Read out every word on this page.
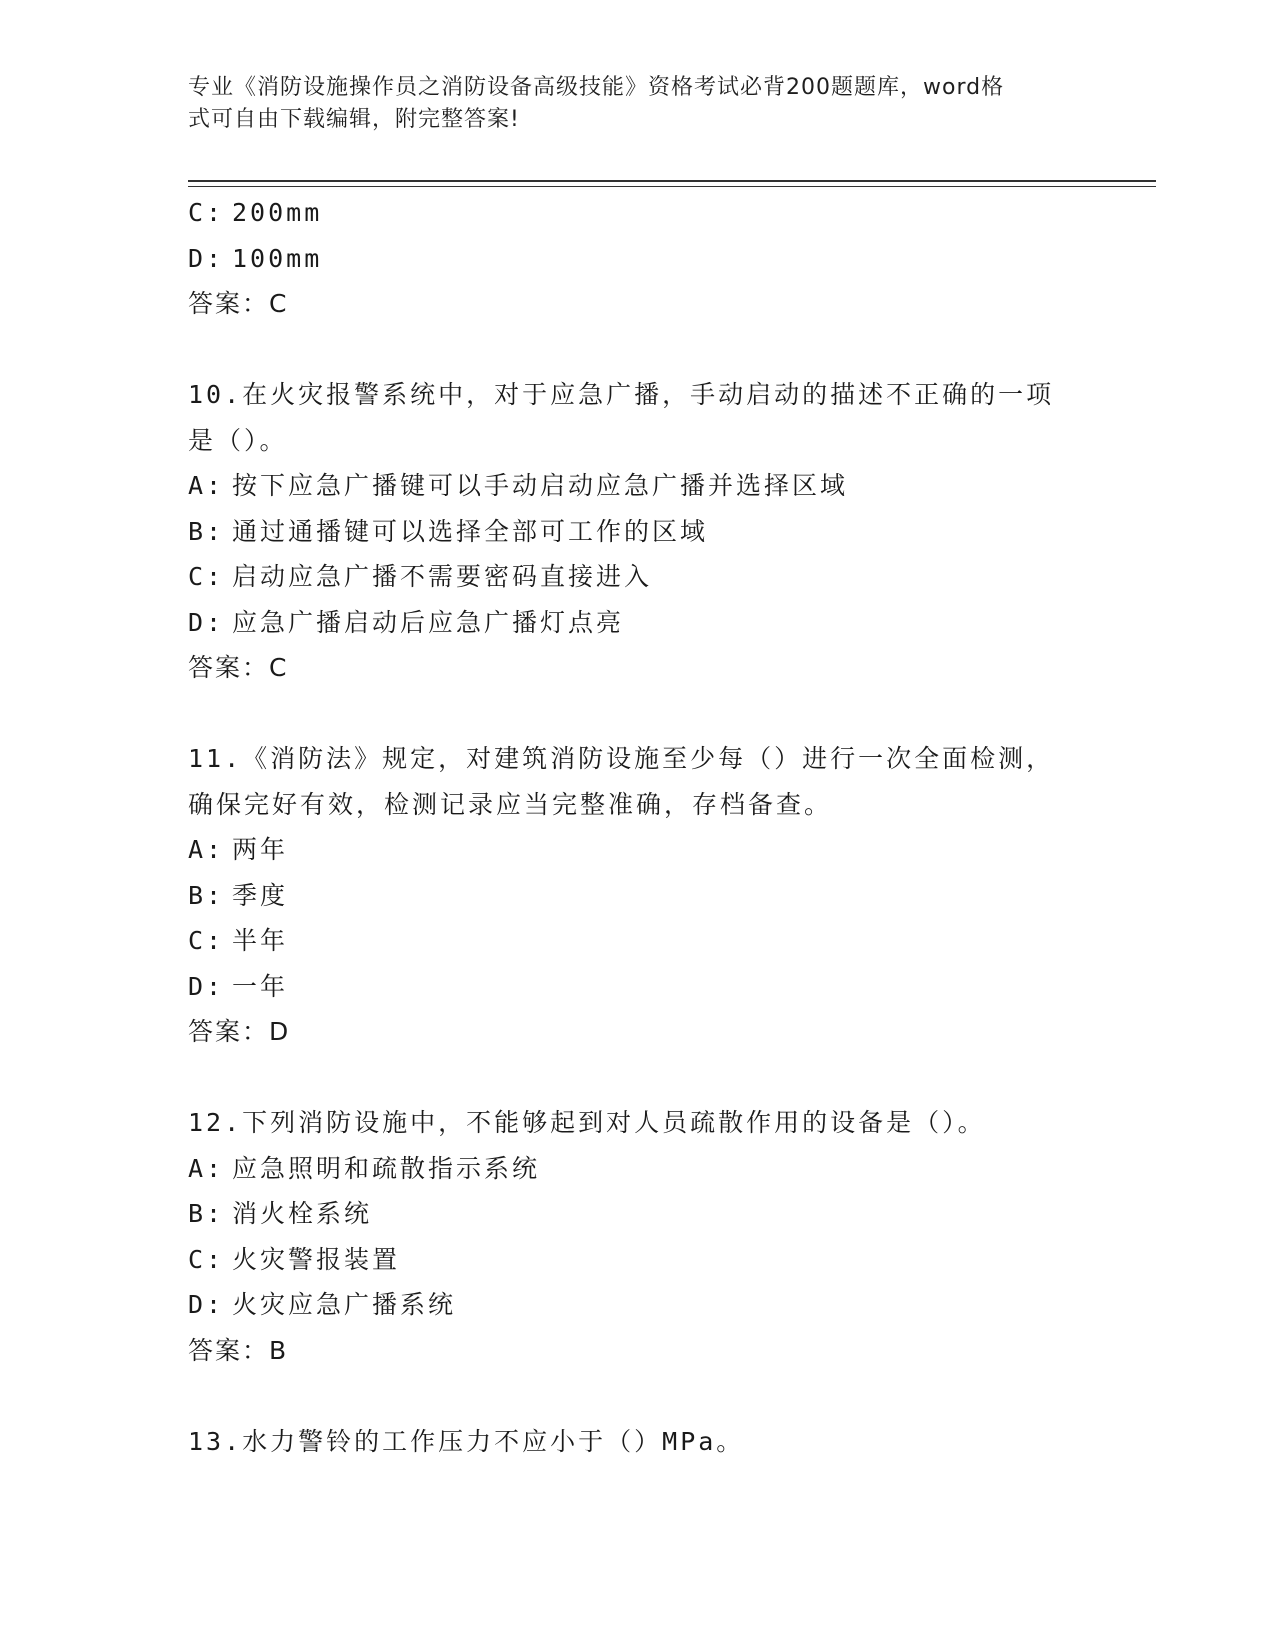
专业《消防设施操作员之消防设备高级技能》资格考试必背200题题库，word格
式可自由下载编辑，附完整答案!
C: 200mm
D: 100mm
答案：C
10.在火灾报警系统中，对于应急广播，手动启动的描述不正确的一项
是（）。
A: 按下应急广播键可以手动启动应急广播并选择区域
B: 通过通播键可以选择全部可工作的区域
C: 启动应急广播不需要密码直接进入
D: 应急广播启动后应急广播灯点亮
答案：C
11.《消防法》规定，对建筑消防设施至少每（）进行一次全面检测，
确保完好有效，检测记录应当完整准确，存档备查。
A: 两年
B: 季度
C: 半年
D: 一年
答案：D
12.下列消防设施中，不能够起到对人员疏散作用的设备是（）。
A: 应急照明和疏散指示系统
B: 消火栓系统
C: 火灾警报装置
D: 火灾应急广播系统
答案：B
13.水力警铃的工作压力不应小于（）MPa。
